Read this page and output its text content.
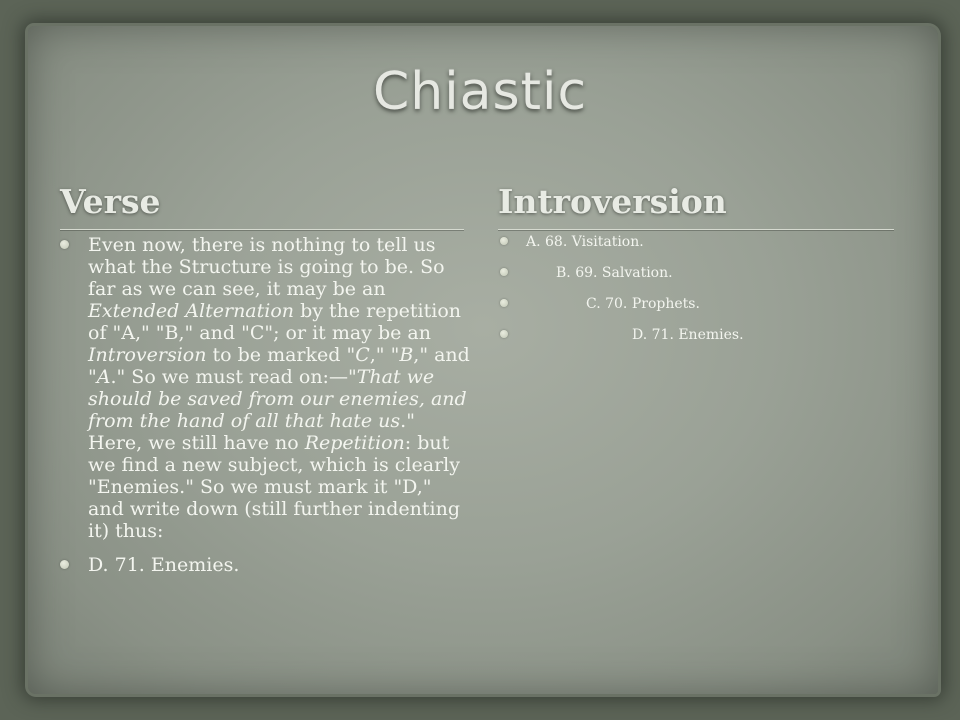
Chiastic
Verse	Introversion
Even now, there is nothing to tell us what the Structure is going to be. So far as we can see, it may be an Extended Alternation by the repetition of "A," "B," and "C"; or it may be an Introversion to be marked "C," "B," and "A." So we must read on:—"That we should be saved from our enemies, and from the hand of all that hate us." Here, we still have no Repetition: but we find a new subject, which is clearly "Enemies." So we must mark it "D," and write down (still further indenting it) thus:
D. 71. Enemies.
A. 68. Visitation.
B. 69. Salvation.
C. 70. Prophets.
D. 71. Enemies.
